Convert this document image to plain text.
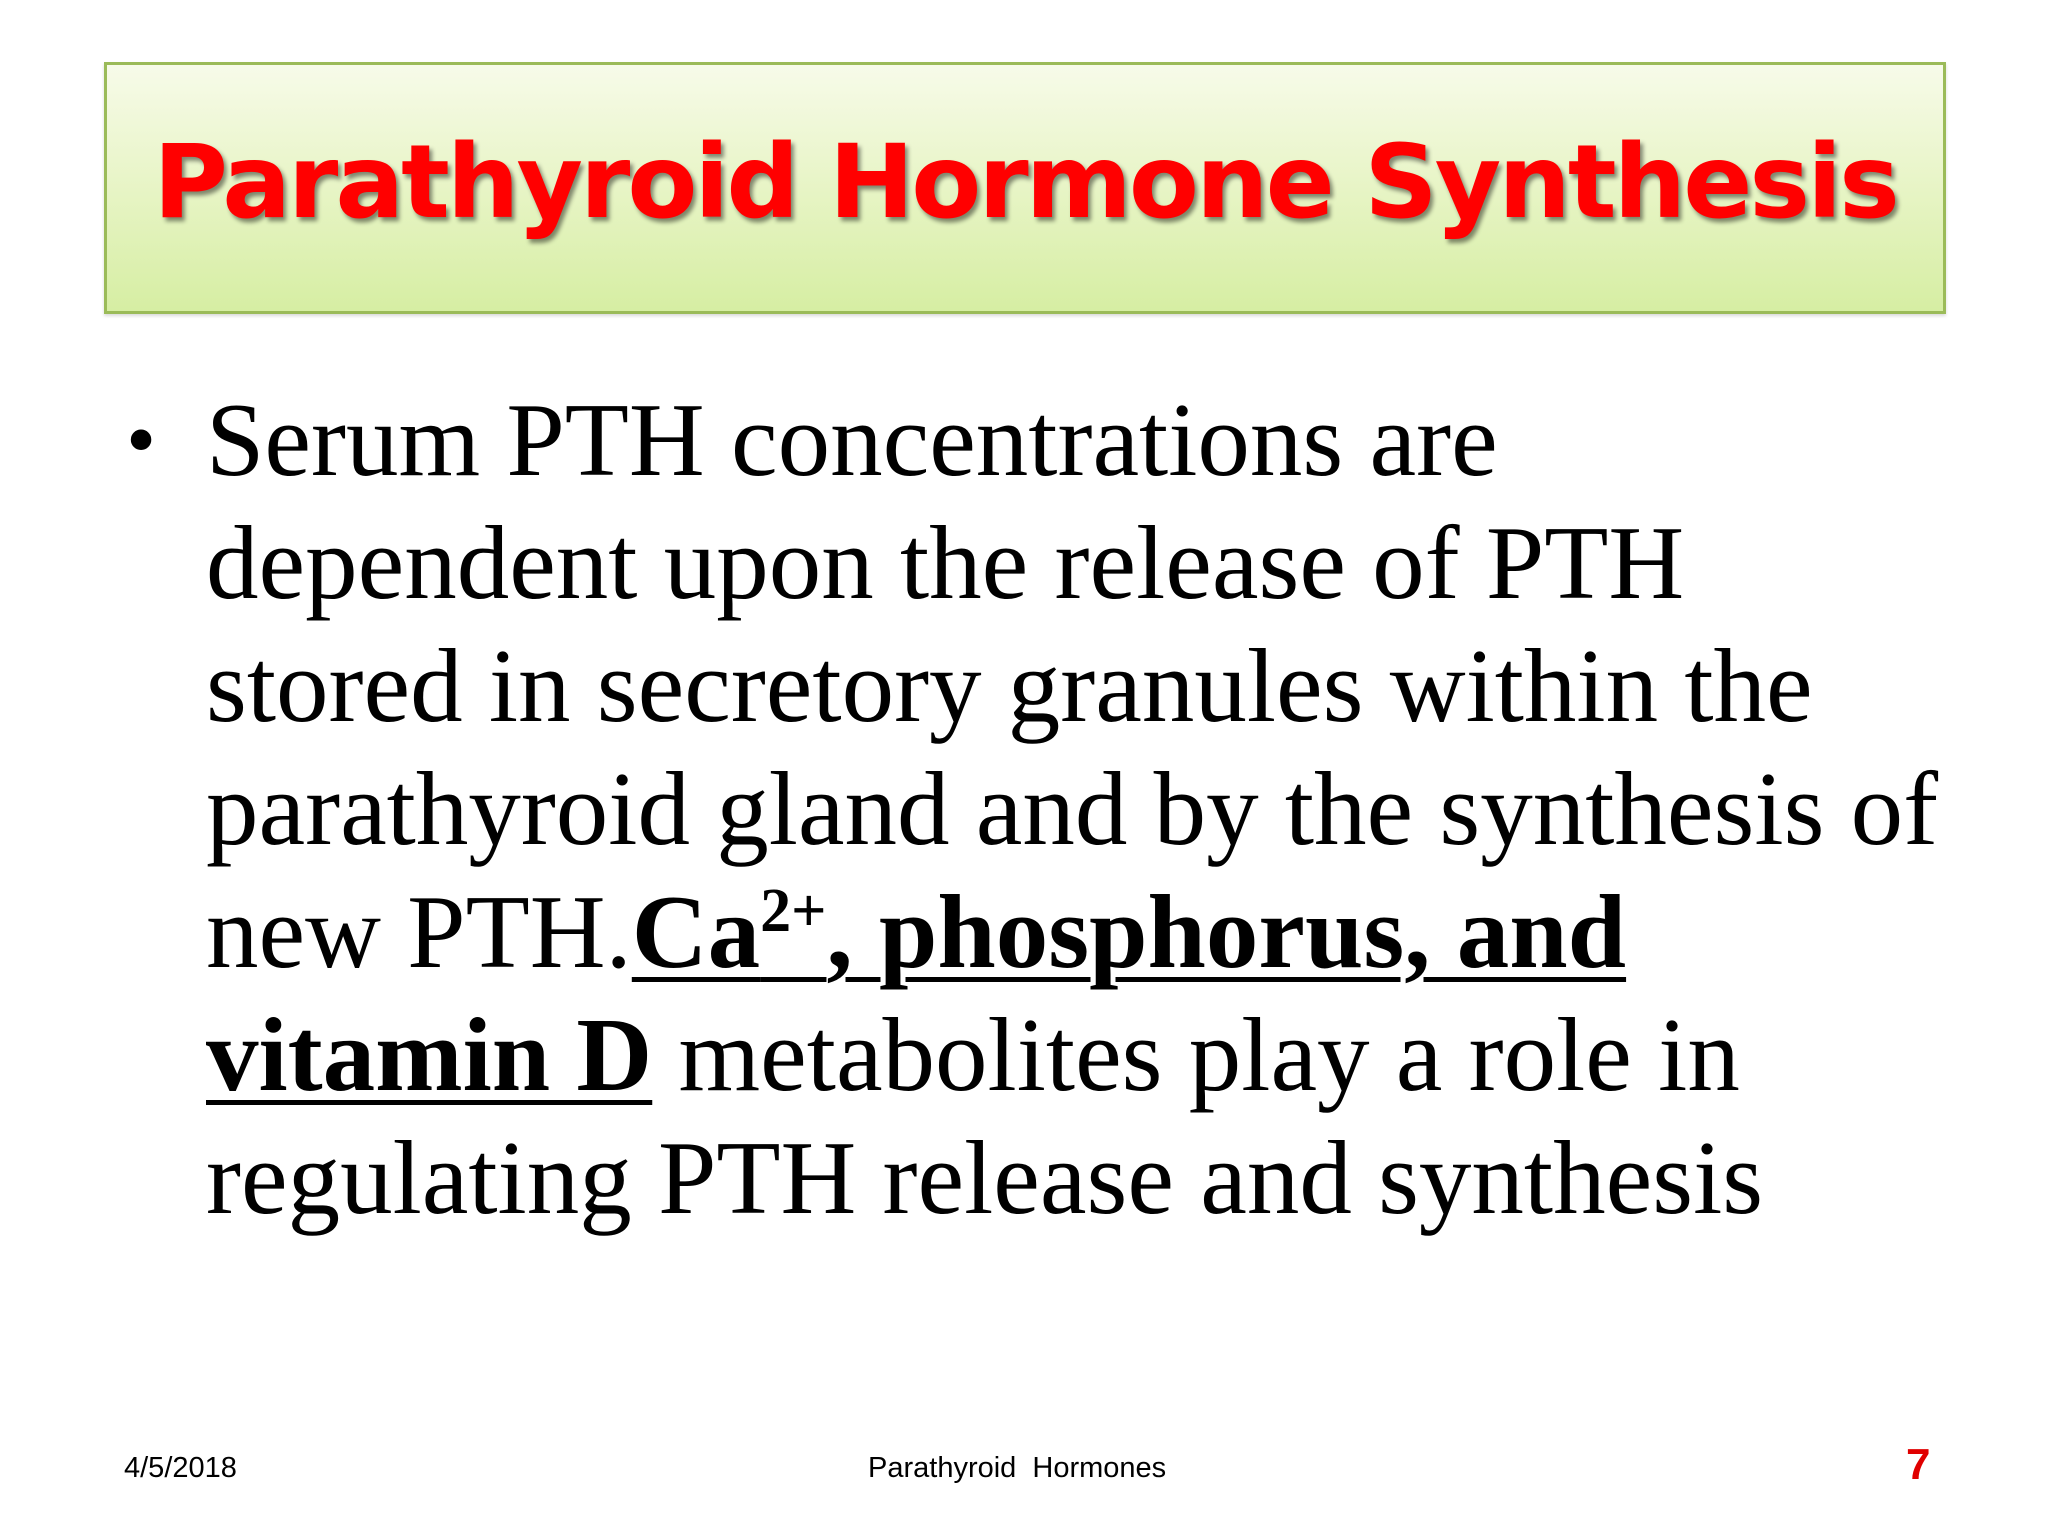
Parathyroid Hormone Synthesis
• Serum PTH concentrations are dependent upon the release of PTH stored in secretory granules within the parathyroid gland and by the synthesis of new $PTH.Ca^{2+}$, phosphorus, and vitamin D metabolites play a role in regulating PTH release and synthesis
4/5/2018	Parathyroid  Hormones	7
